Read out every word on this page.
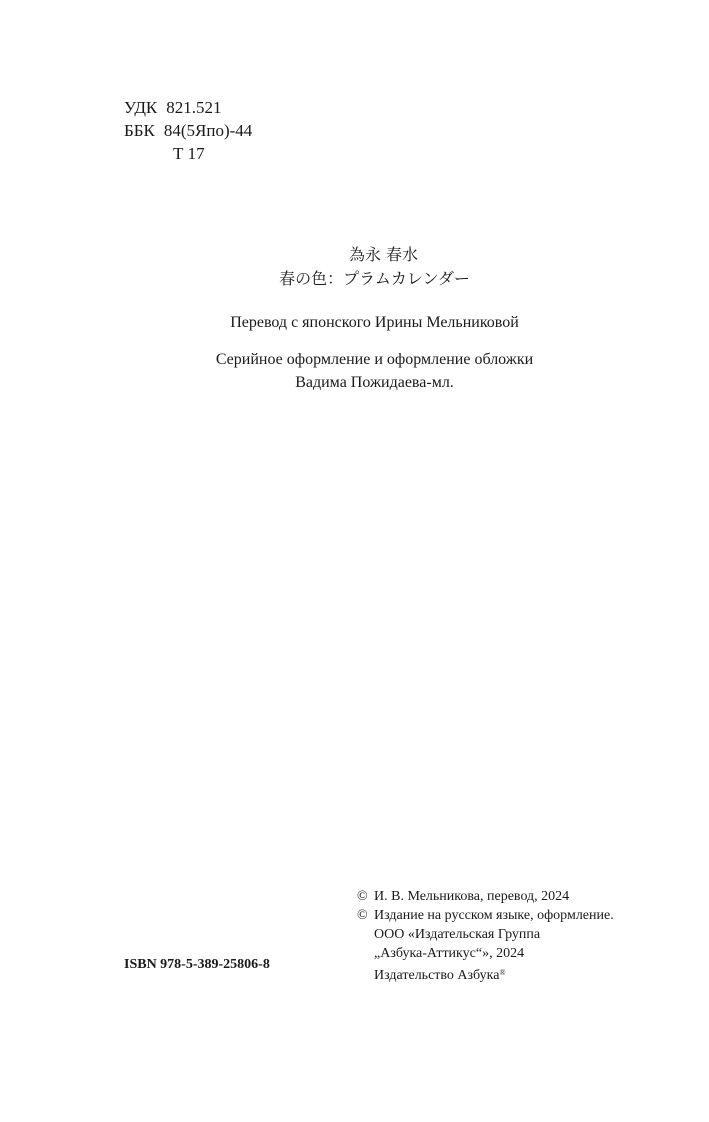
УДК 821.521
ББК 84(5Япо)-44
Т 17
為永 春水
春の色：プラムカレンダー
Перевод с японского Ирины Мельниковой
Серийное оформление и оформление обложки
Вадима Пожидаева-мл.
© И. В. Мельникова, перевод, 2024
© Издание на русском языке, оформление.
ООО «Издательская Группа
„Азбука-Аттикус“», 2024
Издательство Азбука®
ISBN 978-5-389-25806-8
